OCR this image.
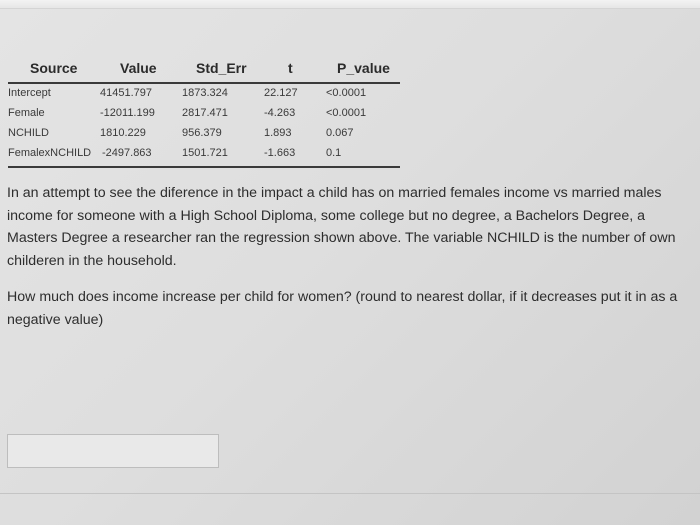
Source	Value	Std_Err	t	P_value
Intercept	41451.797	1873.324	22.127	<0.0001
Female	-12011.199 2817.471	-4.263	<0.0001
NCHILD	1810.229	956.379	1.893	0.067
FemalexNCHILD -2497.863	1501.721	-1.663	0.1

In an attempt to see the diference in the impact a child has on married females income vs married males income for someone with a High School Diploma, some college but no degree, a Bachelors Degree, a Masters Degree a researcher ran the regression shown above. The variable NCHILD is the number of own childeren in the household.

How much does income increase per child for women? (round to nearest dollar, if it decreases put it in as a negative value)
